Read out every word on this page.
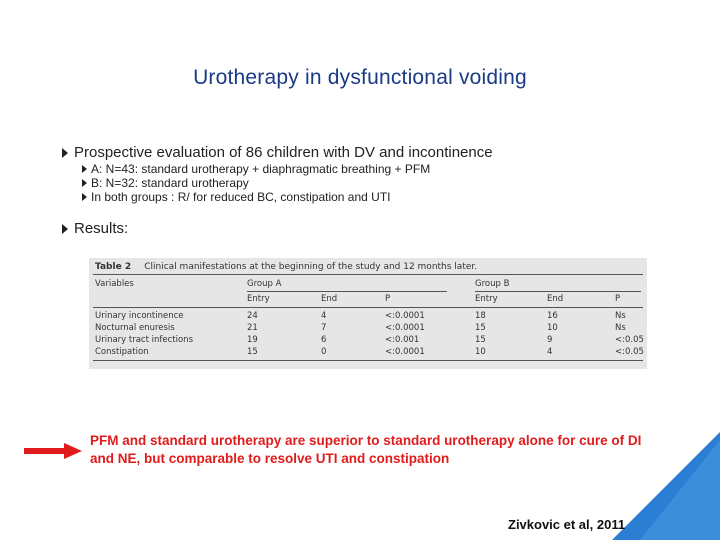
Urotherapy in dysfunctional voiding
Prospective evaluation of 86 children with DV and incontinence
A: N=43: standard urotherapy + diaphragmatic breathing + PFM
B: N=32: standard urotherapy
In both groups : R/ for reduced BC, constipation and UTI
Results:
Table 2 Clinical manifestations at the beginning of the study and 12 months later.
Variables	Group A	Group B
Entry	End	P	Entry	End	P
Urinary incontinence	24	4	<:0.0001	18	16	Ns
Nocturnal enuresis	21	7	<:0.0001	15	10	Ns
Urinary tract infections	19	6	<:0.001	15	9	<:0.05
Constipation	15	0	<:0.0001	10	4	<:0.05
PFM and standard urotherapy are superior to standard urotherapy alone for cure of DI and NE, but comparable to resolve UTI and constipation
Zivkovic et al, 2011
